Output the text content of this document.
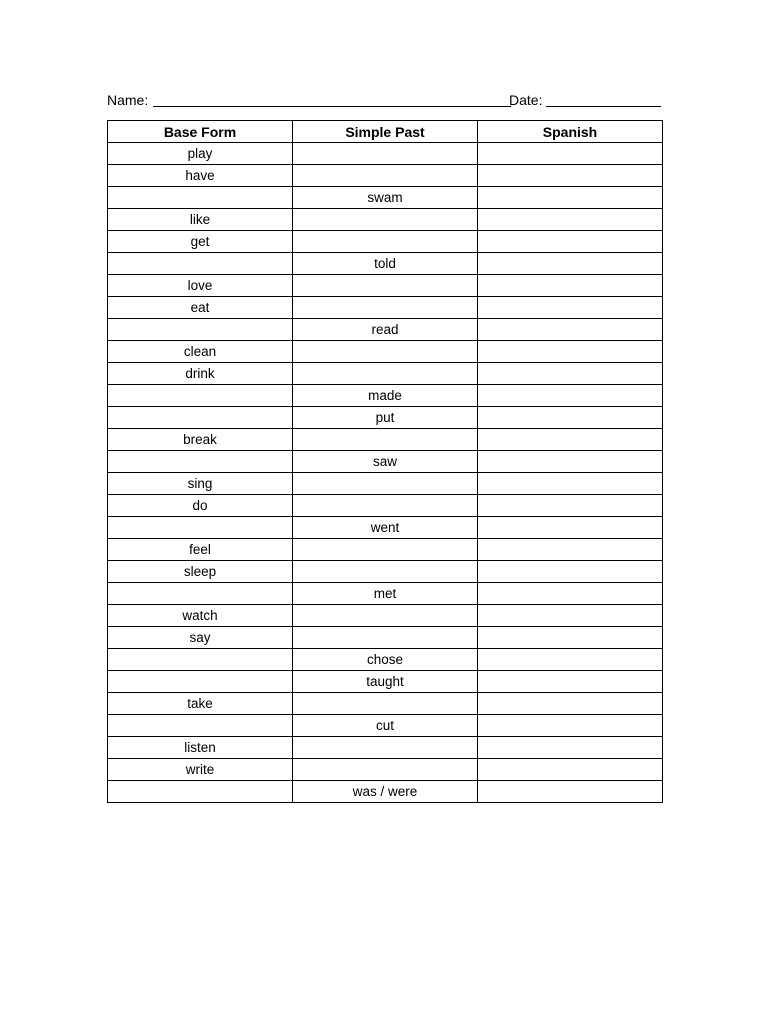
Name:	Date:
Base Form	Simple Past	Spanish
play		
have		
	swam	
like		
get		
	told	
love		
eat		
	read	
clean		
drink		
	made	
	put	
break		
	saw	
sing		
do		
	went	
feel		
sleep		
	met	
watch		
say		
	chose	
	taught	
take		
	cut	
listen		
write		
	was / were	
